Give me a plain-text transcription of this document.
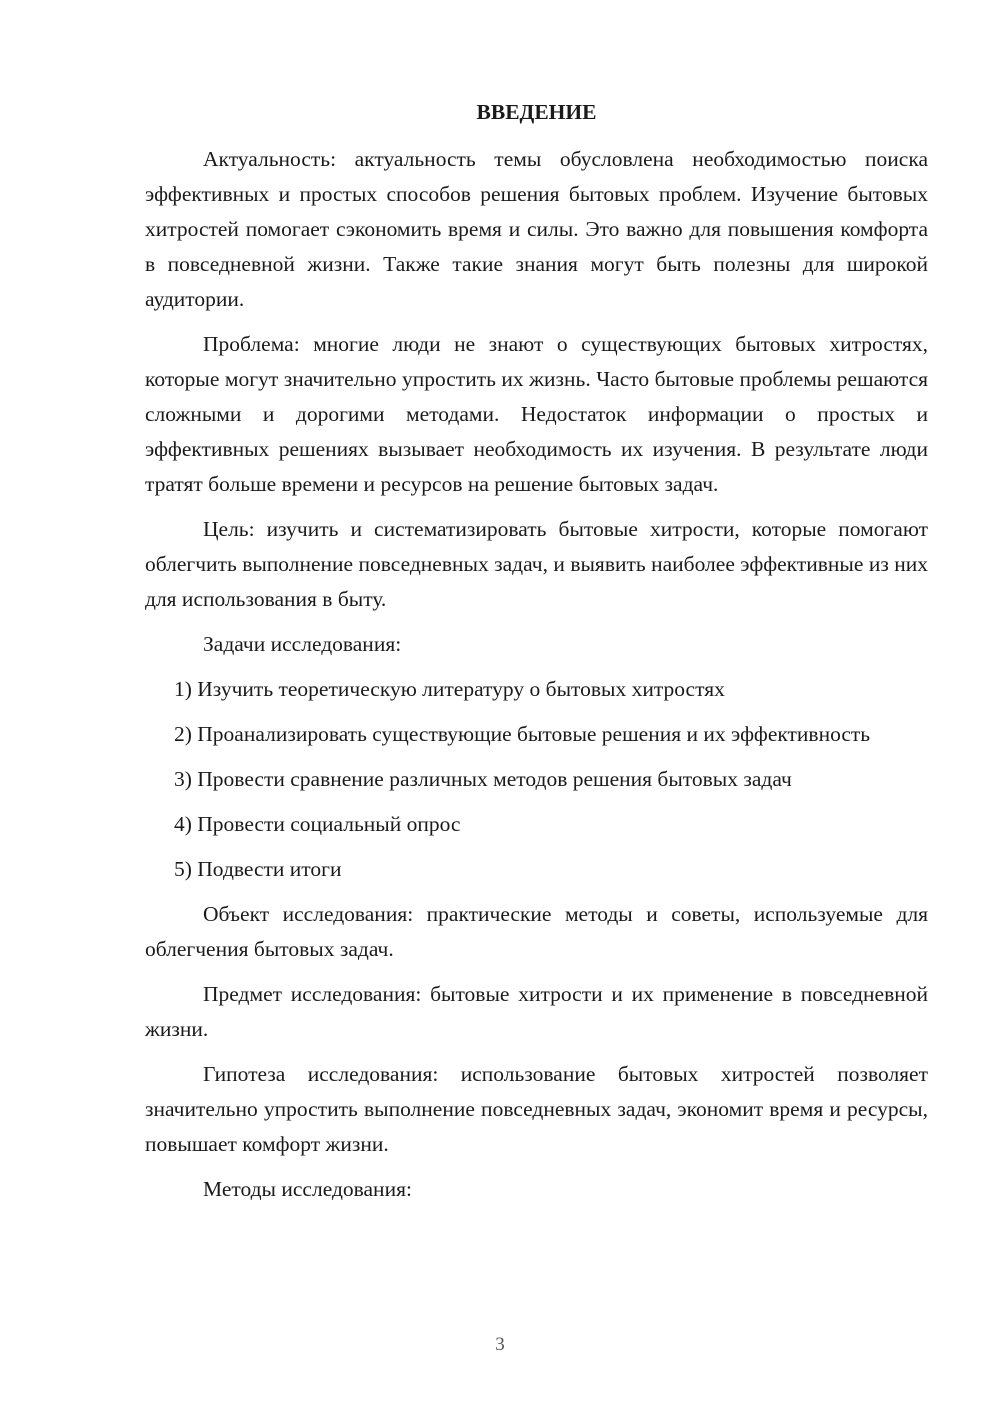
ВВЕДЕНИЕ

Актуальность: актуальность темы обусловлена необходимостью поиска эффективных и простых способов решения бытовых проблем. Изучение бытовых хитростей помогает сэкономить время и силы. Это важно для повышения комфорта в повседневной жизни. Также такие знания могут быть полезны для широкой аудитории.

Проблема: многие люди не знают о существующих бытовых хитростях, которые могут значительно упростить их жизнь. Часто бытовые проблемы решаются сложными и дорогими методами. Недостаток информации о простых и эффективных решениях вызывает необходимость их изучения. В результате люди тратят больше времени и ресурсов на решение бытовых задач.

Цель: изучить и систематизировать бытовые хитрости, которые помогают облегчить выполнение повседневных задач, и выявить наиболее эффективные из них для использования в быту.

Задачи исследования:

1) Изучить теоретическую литературу о бытовых хитростях

2) Проанализировать существующие бытовые решения и их эффективность

3) Провести сравнение различных методов решения бытовых задач

4) Провести социальный опрос

5) Подвести итоги

Объект исследования: практические методы и советы, используемые для облегчения бытовых задач.

Предмет исследования: бытовые хитрости и их применение в повседневной жизни.

Гипотеза исследования: использование бытовых хитростей позволяет значительно упростить выполнение повседневных задач, экономит время и ресурсы, повышает комфорт жизни.

Методы исследования:

3
